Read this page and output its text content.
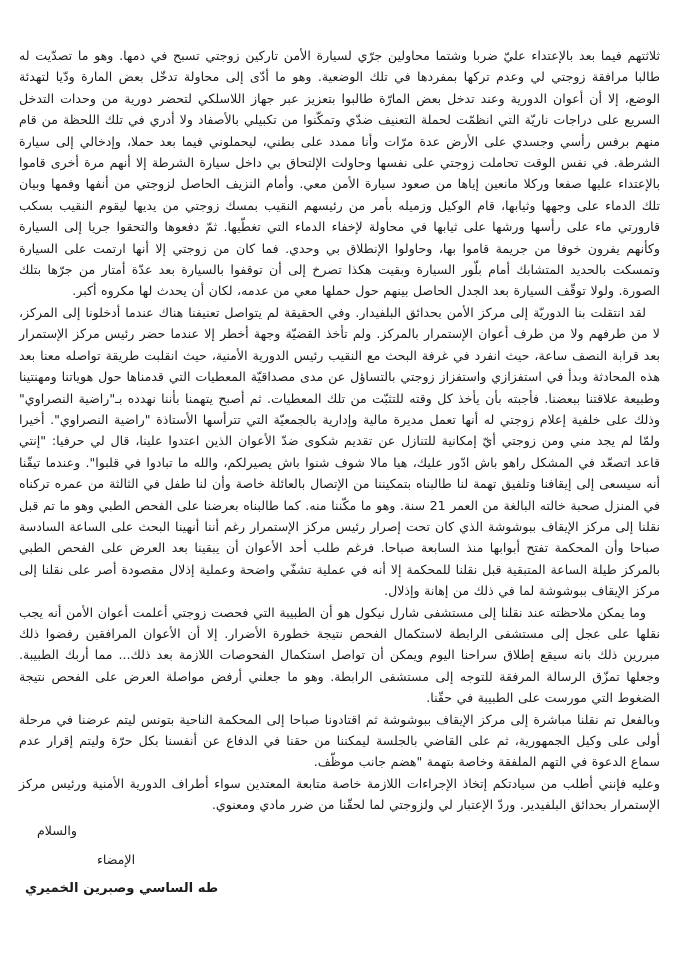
ثلاثتهم فيما بعد بالإعتداء عليّ ضربا وشتما محاولين جرّي لسيارة الأمن تاركين زوجتي تسبح في دمها. وهو ما تصدّيت له طالبا مرافقة زوجتي لي وعدم تركها بمفردها في تلك الوضعية. وهو ما أدّى إلى محاولة تدخّل بعض المارة ودّيا لتهدئة الوضع، إلا أن أعوان الدورية وعند تدخل بعض المارّة طالبوا بتعزيز عبر جهاز اللاسلكي لتحضر دورية من وحدات التدخل السريع على دراجات ناريّة التي انظمّت لحملة التعنيف ضدّي وتمكّنوا من تكبيلي بالأصفاد ولا أدري في تلك اللحظة من قام منهم برفس رأسي وجسدي على الأرض عدة مرّات وأنا ممدد على بطني، ليحملوني فيما بعد حملا، وإدخالي إلى سيارة الشرطة. في نفس الوقت تحاملت زوجتي على نفسها وحاولت الإلتحاق بي داخل سيارة الشرطة إلا أنهم مرة أخرى قاموا بالإعتداء عليها صفعا وركلا مانعين إياها من صعود سيارة الأمن معي. وأمام النزيف الحاصل لزوجتي من أنفها وفمها وبيان تلك الدماء على وجهها وثيابها، قام الوكيل وزميله بأمر من رئيسهم النقيب بمسك زوجتي من يديها ليقوم النقيب بسكب قارورتي ماء على رأسها ورشها على ثيابها في محاولة لإخفاء الدماء التي تغطّيها. ثمّ دفعوها والتحقوا جريا إلى السيارة وكأنهم يفرون خوفا من جريمة قاموا بها، وحاولوا الإنطلاق بي وحدي. فما كان من زوجتي إلا أنها ارتمت على السيارة وتمسكت بالحديد المتشابك أمام بلّور السيارة وبقيت هكذا تصرخ إلى أن توقفوا بالسيارة بعد عدّة أمتار من جرّها بتلك الصورة. ولولا توقّف السيارة بعد الجدل الحاصل بينهم حول حملها معي من عدمه، لكان أن يحدث لها مكروه أكبر.

لقد انتقلت بنا الدوريّة إلى مركز الأمن بحدائق البلفيدار. وفي الحقيقة لم يتواصل تعنيفنا هناك عندما أدخلونا إلى المركز، لا من طرفهم ولا من طرف أعوان الإستمرار بالمركز. ولم تأخذ القضيّة وجهة أخطر إلا عندما حضر رئيس مركز الإستمرار بعد قرابة النصف ساعة، حيث انفرد في غرفة البحث مع النقيب رئيس الدورية الأمنية، حيث انقلبت طريقة تواصله معنا بعد هذه المحادثة وبدأ في استفزازي واستفزاز زوجتي بالتساؤل عن مدى مصداقيّة المعطيات التي قدمناها حول هوياتنا ومهنتينا وطبيعة علاقتنا ببعضنا. فأجبته بأن يأخذ كل وقته للتثبّت من تلك المعطيات. ثم أصبح يتهمنا بأننا نهدده بـ"راضية النصراوي" وذلك على خلفية إعلام زوجتي له أنها تعمل مديرة مالية وإدارية بالجمعيّة التي تترأسها الأستاذة "راضية النصراوي". أخيرا ولمّا لم يجد مني ومن زوجتي أيّ إمكانية للتنازل عن تقديم شكوى ضدّ الأعوان الذين اعتدوا علينا، قال لي حرفيا: "إنتي قاعد اتصعّد في المشكل راهو باش ادّور عليك، هيا مالا شوف شنوا باش يصيرلكم، والله ما تبادوا في قلبوا". وعندما تيقّنا أنه سيسعى إلى إيقافنا وتلفيق تهمة لنا طالبناه بتمكيننا من الإتصال بالعائلة خاصة وأن لنا طفل في الثالثة من عمره تركناه في المنزل صحبة خالته البالغة من العمر 21 سنة. وهو ما مكّننا منه. كما طالبناه بعرضنا على الفحص الطبي وهو ما تم قبل نقلنا إلى مركز الإيقاف ببوشوشة الذي كان تحت إصرار رئيس مركز الإستمرار رغم أننا أنهينا البحث على الساعة السادسة صباحا وأن المحكمة تفتح أبوابها منذ السابعة صباحا. فرغم طلب أحد الأعوان أن يبقينا بعد العرض على الفحص الطبي بالمركز طيلة الساعة المتبقية قبل نقلنا للمحكمة إلا أنه في عملية تشفّي واضحة وعملية إذلال مقصودة أصر على نقلنا إلى مركز الإيقاف ببوشوشة لما في ذلك من إهانة وإذلال.

وما يمكن ملاحظته عند نقلنا إلى مستشفى شارل نيكول هو أن الطبيبة التي فحصت زوجتي أعلمت أعوان الأمن أنه يجب نقلها على عجل إلى مستشفى الرابطة لاستكمال الفحص نتيجة خطورة الأضرار. إلا أن الأعوان المرافقين رفضوا ذلك مبررين ذلك بانه سيقع إطلاق سراحنا اليوم ويمكن أن تواصل استكمال الفحوصات اللازمة بعد ذلك... مما أربك الطبيبة. وجعلها تمزّق الرسالة المرفقة للتوجه إلى مستشفى الرابطة. وهو ما جعلني أرفض مواصلة العرض على الفحص نتيجة الضغوط التي مورست على الطبيبة في حقّنا.

وبالفعل تم نقلنا مباشرة إلى مركز الإيقاف ببوشوشة ثم اقتادونا صباحا إلى المحكمة الناحية بتونس ليتم عرضنا في مرحلة أولى على وكيل الجمهورية، ثم على القاضي بالجلسة ليمكننا من حقنا في الدفاع عن أنفسنا بكل حرّة وليتم إقرار عدم سماع الدعوة في التهم الملفقة وخاصة بتهمة "هضم جانب موظّف.

وعليه فإنني أطلب من سيادتكم إتخاذ الإجراءات اللازمة خاصة متابعة المعتدين سواء أطراف الدورية الأمنية ورئيس مركز الإستمرار بحدائق البلفيدير. وردّ الإعتبار لي ولزوجتي لما لحقّنا من ضرر مادي ومعنوي.

والسلام
الإمضاء
طه الساسي وصبرين الخميري
